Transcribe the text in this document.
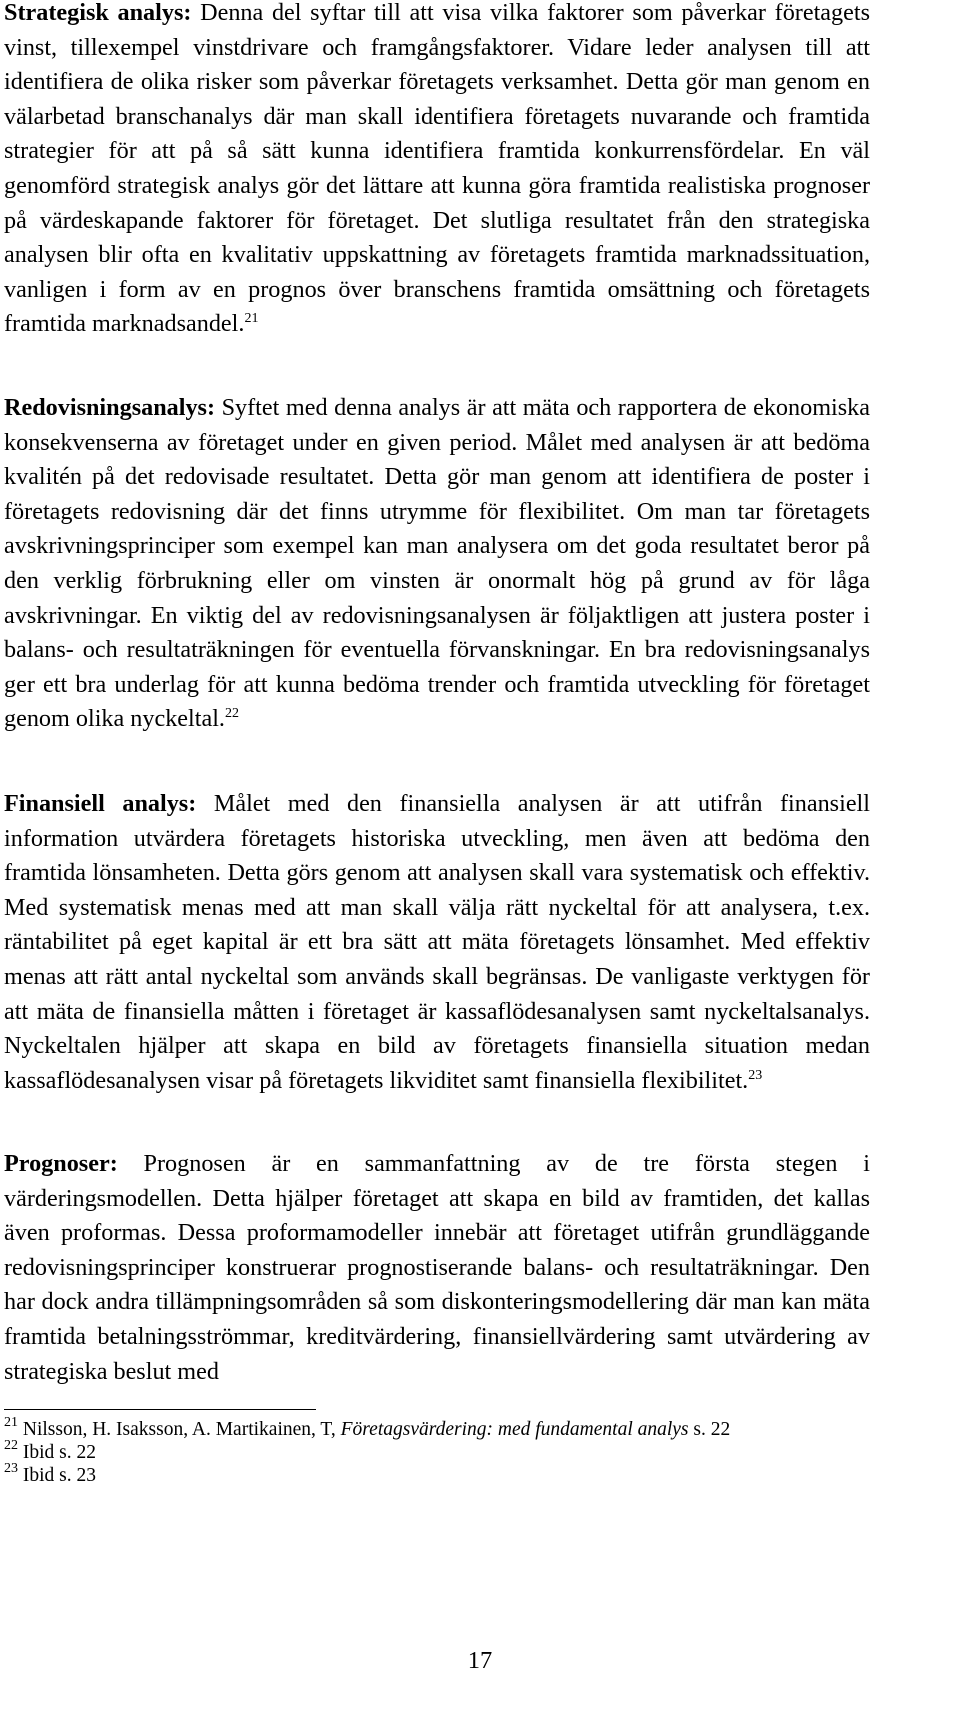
Strategisk analys: Denna del syftar till att visa vilka faktorer som påverkar företagets vinst, tillexempel vinstdrivare och framgångsfaktorer. Vidare leder analysen till att identifiera de olika risker som påverkar företagets verksamhet. Detta gör man genom en välarbetad branschanalys där man skall identifiera företagets nuvarande och framtida strategier för att på så sätt kunna identifiera framtida konkurrensfördelar. En väl genomförd strategisk analys gör det lättare att kunna göra framtida realistiska prognoser på värdeskapande faktorer för företaget. Det slutliga resultatet från den strategiska analysen blir ofta en kvalitativ uppskattning av företagets framtida marknadssituation, vanligen i form av en prognos över branschens framtida omsättning och företagets framtida marknadsandel.$^{21}$

Redovisningsanalys: Syftet med denna analys är att mäta och rapportera de ekonomiska konsekvenserna av företaget under en given period. Målet med analysen är att bedöma kvalitén på det redovisade resultatet. Detta gör man genom att identifiera de poster i företagets redovisning där det finns utrymme för flexibilitet. Om man tar företagets avskrivningsprinciper som exempel kan man analysera om det goda resultatet beror på den verklig förbrukning eller om vinsten är onormalt hög på grund av för låga avskrivningar. En viktig del av redovisningsanalysen är följaktligen att justera poster i balans- och resultaträkningen för eventuella förvanskningar. En bra redovisningsanalys ger ett bra underlag för att kunna bedöma trender och framtida utveckling för företaget genom olika nyckeltal.$^{22}$

Finansiell analys: Målet med den finansiella analysen är att utifrån finansiell information utvärdera företagets historiska utveckling, men även att bedöma den framtida lönsamheten. Detta görs genom att analysen skall vara systematisk och effektiv. Med systematisk menas med att man skall välja rätt nyckeltal för att analysera, t.ex. räntabilitet på eget kapital är ett bra sätt att mäta företagets lönsamhet. Med effektiv menas att rätt antal nyckeltal som används skall begränsas. De vanligaste verktygen för att mäta de finansiella måtten i företaget är kassaflödesanalysen samt nyckeltalsanalys. Nyckeltalen hjälper att skapa en bild av företagets finansiella situation medan kassaflödesanalysen visar på företagets likviditet samt finansiella flexibilitet.$^{23}$

Prognoser: Prognosen är en sammanfattning av de tre första stegen i värderingsmodellen. Detta hjälper företaget att skapa en bild av framtiden, det kallas även proformas. Dessa proformamodeller innebär att företaget utifrån grundläggande redovisningsprinciper konstruerar prognostiserande balans- och resultaträkningar. Den har dock andra tillämpningsområden så som diskonteringsmodellering där man kan mäta framtida betalningsströmmar, kreditvärdering, finansiellvärdering samt utvärdering av strategiska beslut med

$^{21}$ Nilsson, H. Isaksson, A. Martikainen, T, Företagsvärdering: med fundamental analys s. 22
$^{22}$ Ibid s. 22
$^{23}$ Ibid s. 23
17
